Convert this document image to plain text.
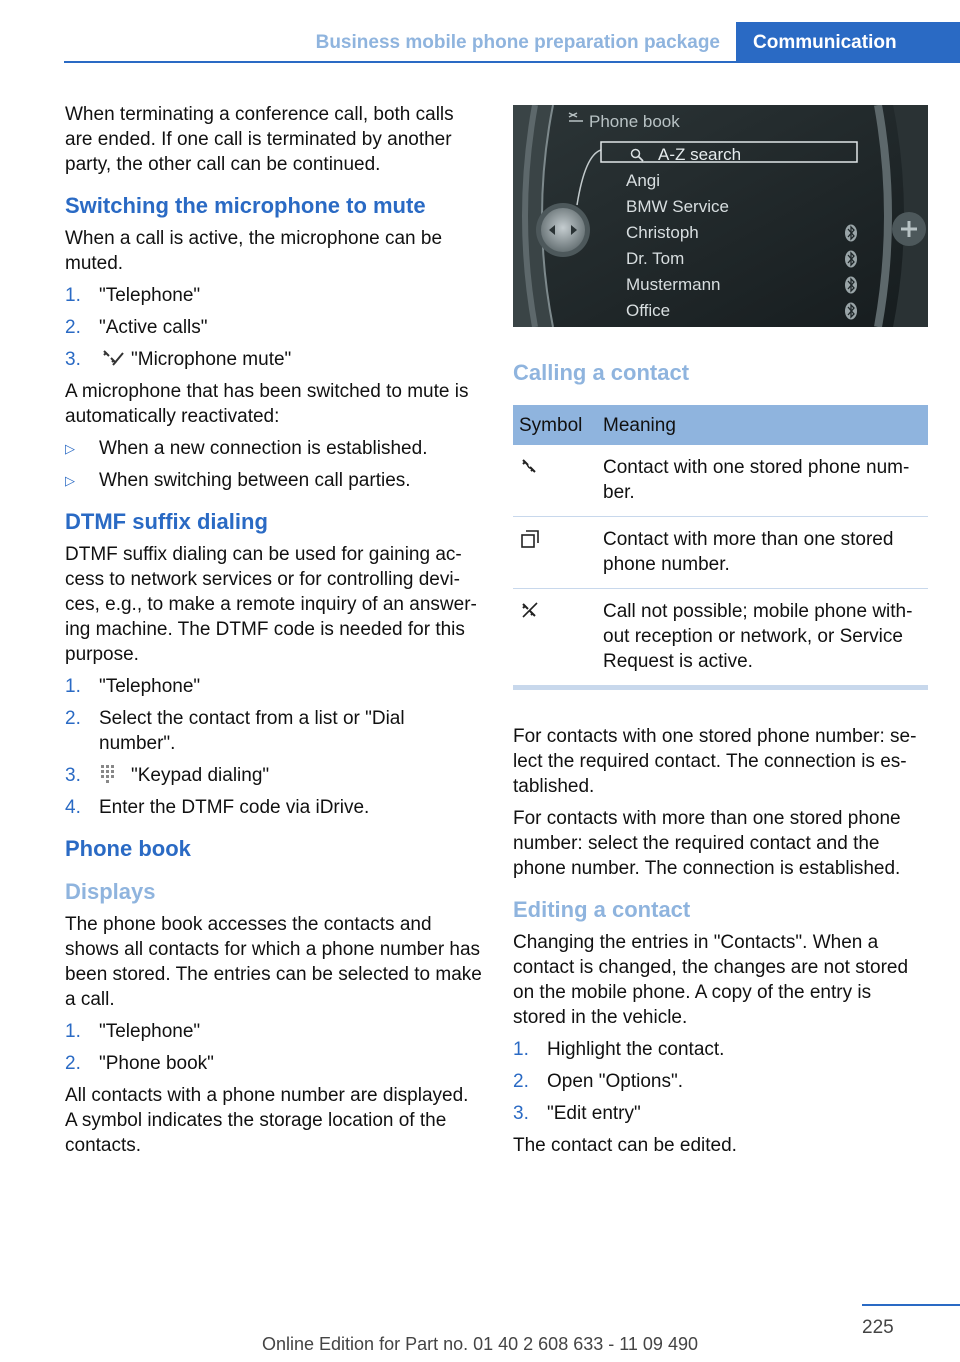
Business mobile phone preparation package	Communication

When terminating a conference call, both calls are ended. If one call is terminated by another party, the other call can be continued.

Switching the microphone to mute

When a call is active, the microphone can be muted.

1. "Telephone"
2. "Active calls"
3.	"Microphone mute"

A microphone that has been switched to mute is automatically reactivated:

▷ When a new connection is established.
▷ When switching between call parties.
DTMF suffix dialing

DTMF suffix dialing can be used for gaining access to network services or for controlling devices, e.g., to make a remote inquiry of an answering machine. The DTMF code is needed for this purpose.

1. "Telephone"
2. Select the contact from a list or "Dial number".
3.	"Keypad dialing"
4. Enter the DTMF code via iDrive.
Phone book
Displays

The phone book accesses the contacts and shows all contacts for which a phone number has been stored. The entries can be selected to make a call.

1. "Telephone"
2. "Phone book"

All contacts with a phone number are displayed. A symbol indicates the storage location of the contacts.

Phone book
A-Z search
Angi
BMW Service
Christoph
Dr. Tom
Mustermann
Office
Calling a contact
Symbol	Meaning

	Contact with one stored phone number.

	Contact with more than one stored phone number.

	Call not possible; mobile phone without reception or network, or Service Request is active.

For contacts with one stored phone number: select the required contact. The connection is established.

For contacts with more than one stored phone number: select the required contact and the phone number. The connection is established.

Editing a contact

Changing the entries in "Contacts". When a contact is changed, the changes are not stored on the mobile phone. A copy of the entry is stored in the vehicle.

1. Highlight the contact.
2. Open "Options".
3. "Edit entry"

The contact can be edited.

225
Online Edition for Part no. 01 40 2 608 633 - 11 09 490
